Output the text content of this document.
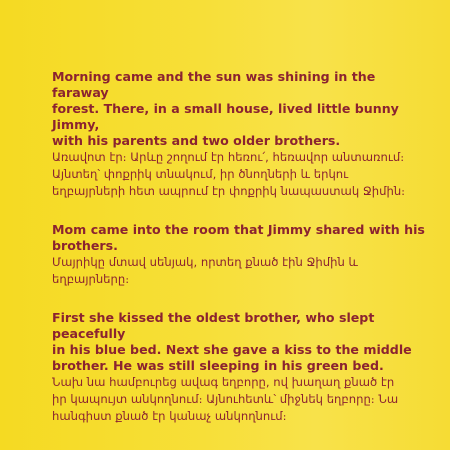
Morning came and the sun was shining in the faraway
forest. There, in a small house, lived little bunny Jimmy,
with his parents and two older brothers.

Առավոտ էր։ Արևը շողում էր հեռու՛, հեռավոր անտառում։
Այնտեղ՝ փոքրիկ տնակում, իր ծնողների և երկու
եղբայրների հետ ապրում էր փոքրիկ նապաստակ Ջիմին։

Mom came into the room that Jimmy shared with his
brothers.

Մայրիկը մտավ սենյակ, որտեղ քնած էին Ջիմին և
եղբայրները։

First she kissed the oldest brother, who slept peacefully
in his blue bed. Next she gave a kiss to the middle
brother. He was still sleeping in his green bed.

Նախ նա համբուրեց ավագ եղբորը, ով խաղաղ քնած էր
իր կապույտ անկողնում։ Այնուհետև՝ միջնեկ եղբորը։ Նա
հանգիստ քնած էր կանաչ անկողնում։
